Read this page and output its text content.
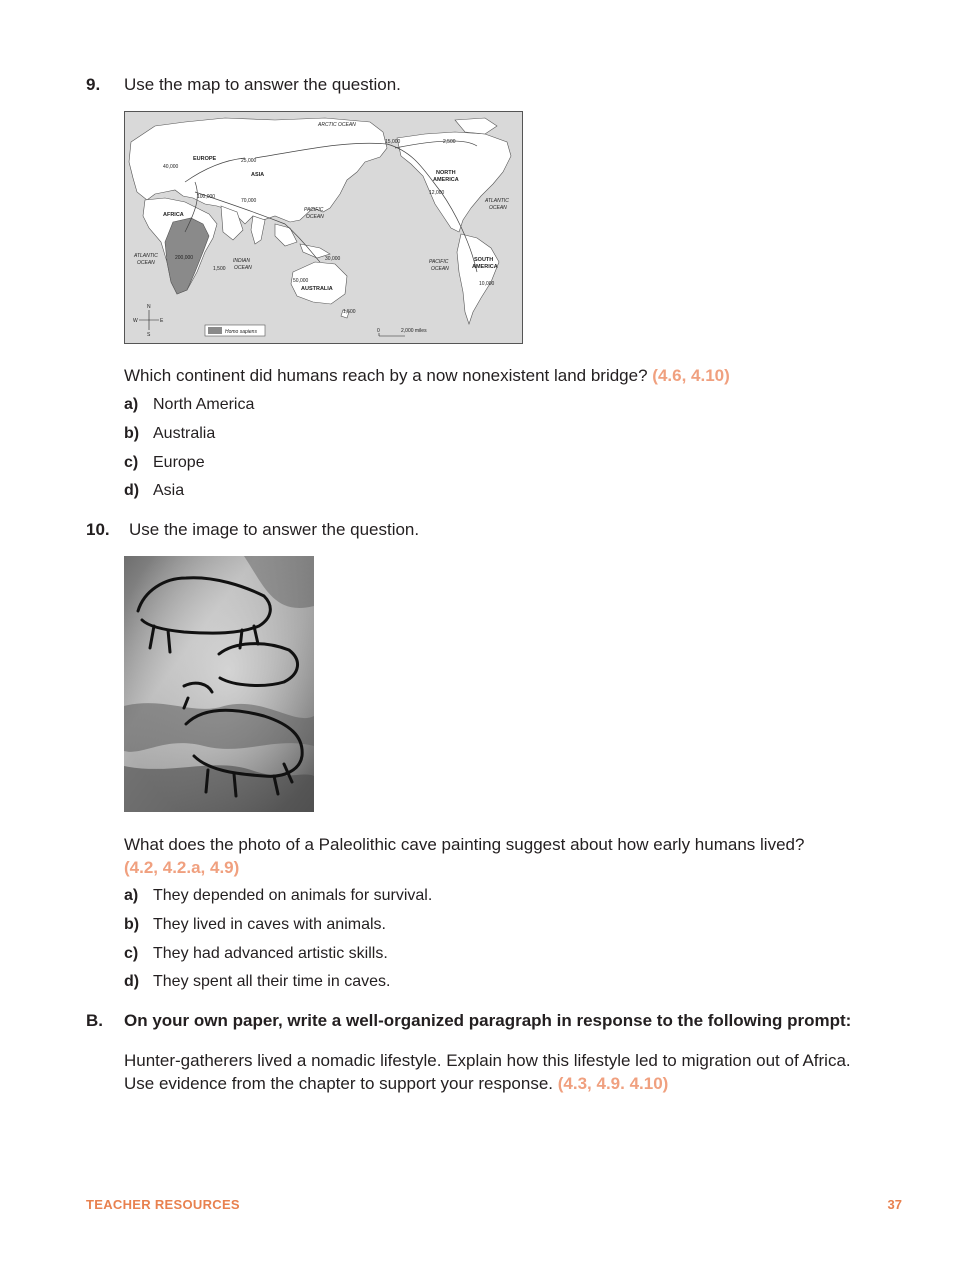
9. Use the map to answer the question.
ARCTIC OCEAN
EUROPE
ASIA
AFRICA
NORTH
AMERICA
SOUTH
AMERICA
AUSTRALIA
ATLANTIC
OCEAN
ATLANTIC
OCEAN
PACIFIC
OCEAN
PACIFIC
OCEAN
INDIAN
OCEAN
40,000
25,000
100,000
70,000
15,000	2,500
12,000
200,000
1,500
30,000
50,000
1,500
10,000
N
S
E
W
Homo sapiens	0	2,000 miles
Which continent did humans reach by a now nonexistent land bridge? (4.6, 4.10)
a) North America
b) Australia
c) Europe
d) Asia
10. Use the image to answer the question.
What does the photo of a Paleolithic cave painting suggest about how early humans lived?
(4.2, 4.2.a, 4.9)
a) They depended on animals for survival.
b) They lived in caves with animals.
c) They had advanced artistic skills.
d) They spent all their time in caves.
B. On your own paper, write a well-organized paragraph in response to the following prompt:
Hunter-gatherers lived a nomadic lifestyle. Explain how this lifestyle led to migration out of Africa.
Use evidence from the chapter to support your response. (4.3, 4.9. 4.10)
TEACHER RESOURCES	37
